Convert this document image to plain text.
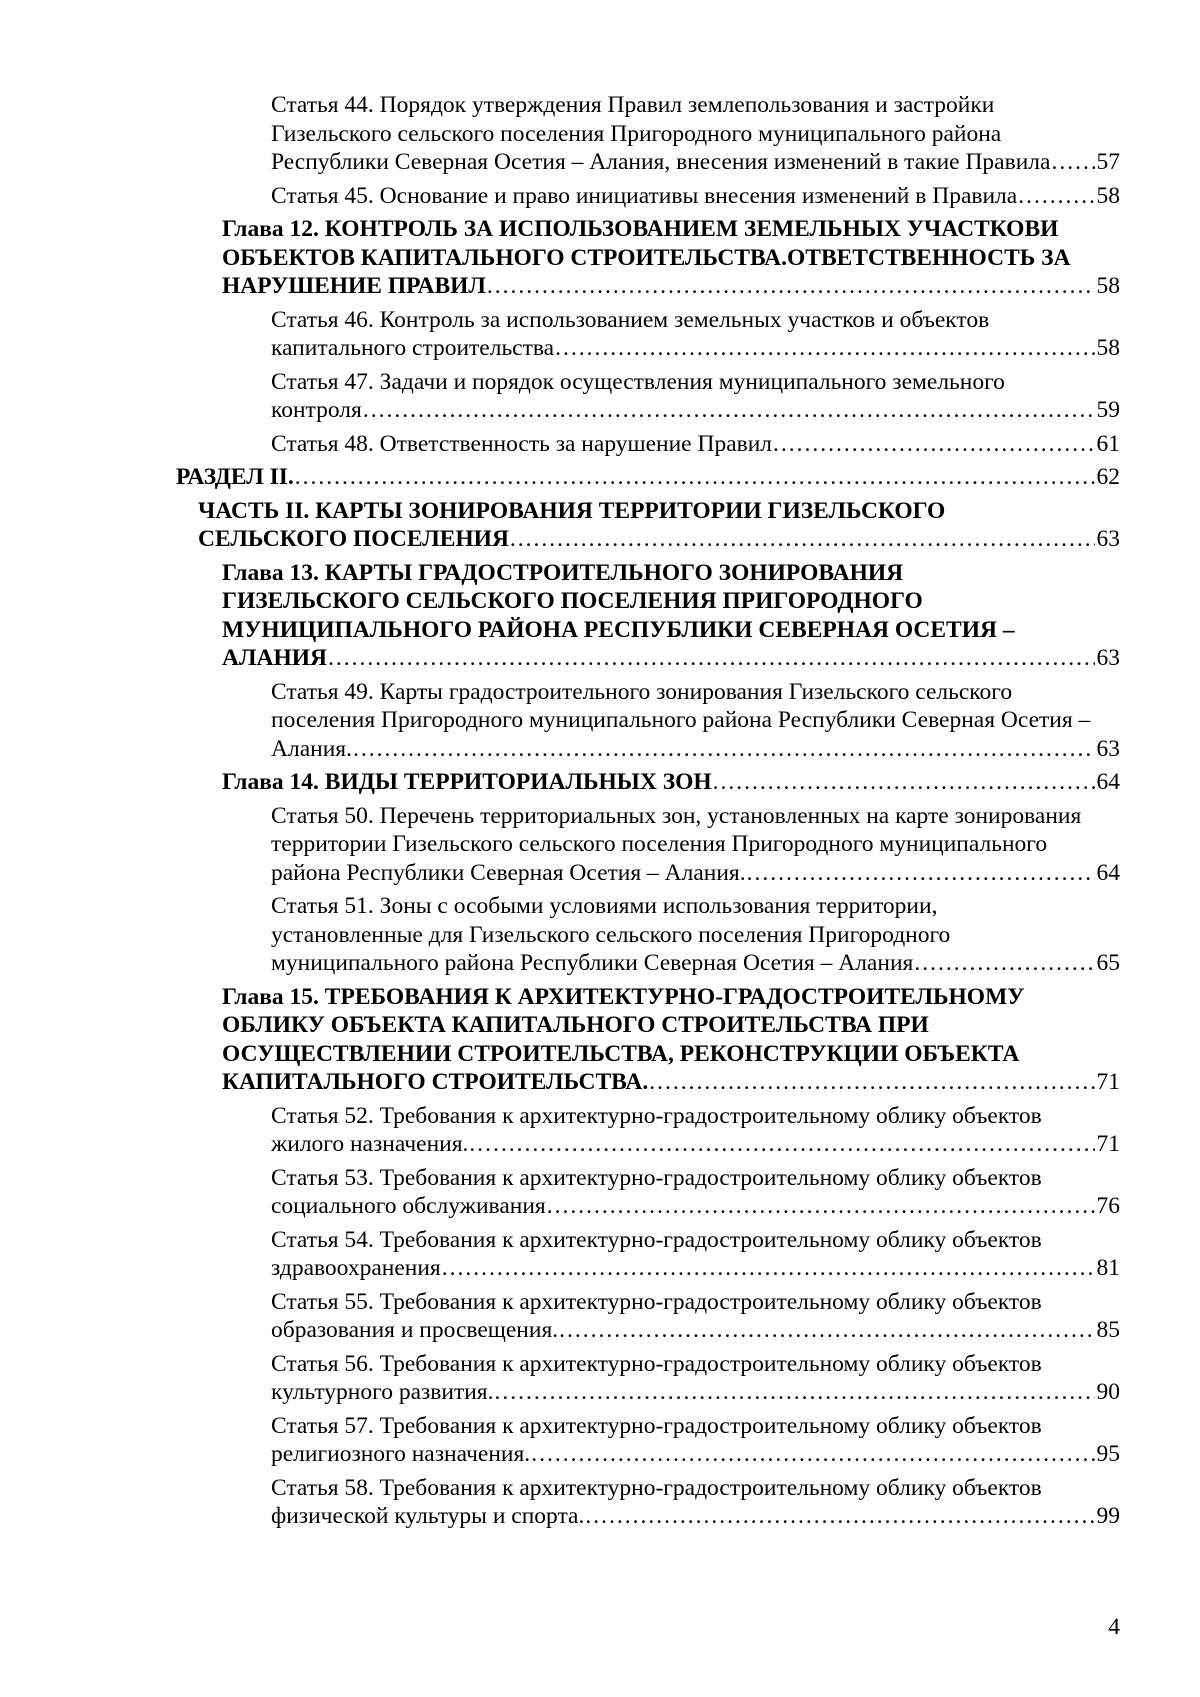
Статья 44. Порядок утверждения Правил землепользования и застройки
Гизельского сельского поселения Пригородного муниципального района
Республики Северная Осетия – Алания, внесения изменений в такие Правила ..... 57
Статья 45. Основание и право инициативы внесения изменений в Правила .....	58
Глава 12. КОНТРОЛЬ ЗА ИСПОЛЬЗОВАНИЕМ ЗЕМЕЛЬНЫХ УЧАСТКОВИ
ОБЪЕКТОВ КАПИТАЛЬНОГО СТРОИТЕЛЬСТВА.ОТВЕТСТВЕННОСТЬ ЗА
НАРУШЕНИЕ ПРАВИЛ .....	58
Статья 46. Контроль за использованием земельных участков и объектов
капитального строительства .....	58
Статья 47. Задачи и порядок осуществления муниципального земельного
контроля .....	59
Статья 48. Ответственность за нарушение Правил .....	61
РАЗДЕЛ II. .....	62
ЧАСТЬ II. КАРТЫ ЗОНИРОВАНИЯ ТЕРРИТОРИИ ГИЗЕЛЬСКОГО
СЕЛЬСКОГО ПОСЕЛЕНИЯ .....	63
Глава 13. КАРТЫ ГРАДОСТРОИТЕЛЬНОГО ЗОНИРОВАНИЯ
ГИЗЕЛЬСКОГО СЕЛЬСКОГО ПОСЕЛЕНИЯ ПРИГОРОДНОГО
МУНИЦИПАЛЬНОГО РАЙОНА РЕСПУБЛИКИ СЕВЕРНАЯ ОСЕТИЯ –
АЛАНИЯ .....	63
Статья 49. Карты градостроительного зонирования Гизельского сельского
поселения Пригородного муниципального района Республики Северная Осетия –
Алания. .....	63
Глава 14. ВИДЫ ТЕРРИТОРИАЛЬНЫХ ЗОН .....	64
Статья 50. Перечень территориальных зон, установленных на карте зонирования
территории Гизельского сельского поселения Пригородного муниципального
района Республики Северная Осетия – Алания. .....	64
Статья 51. Зоны с особыми условиями использования территории,
установленные для Гизельского сельского поселения Пригородного
муниципального района Республики Северная Осетия – Алания .....	65
Глава 15. ТРЕБОВАНИЯ К АРХИТЕКТУРНО-ГРАДОСТРОИТЕЛЬНОМУ
ОБЛИКУ ОБЪЕКТА КАПИТАЛЬНОГО СТРОИТЕЛЬСТВА ПРИ
ОСУЩЕСТВЛЕНИИ СТРОИТЕЛЬСТВА, РЕКОНСТРУКЦИИ ОБЪЕКТА
КАПИТАЛЬНОГО СТРОИТЕЛЬСТВА. .....	71
Статья 52. Требования к архитектурно-градостроительному облику объектов
жилого назначения. .....	71
Статья 53. Требования к архитектурно-градостроительному облику объектов
социального обслуживания .....	76
Статья 54. Требования к архитектурно-градостроительному облику объектов
здравоохранения .....	81
Статья 55. Требования к архитектурно-градостроительному облику объектов
образования и просвещения. .....	85
Статья 56. Требования к архитектурно-градостроительному облику объектов
культурного развития. .....	90
Статья 57. Требования к архитектурно-градостроительному облику объектов
религиозного назначения. .....	95
Статья 58. Требования к архитектурно-градостроительному облику объектов
физической культуры и спорта. .....	99
4
